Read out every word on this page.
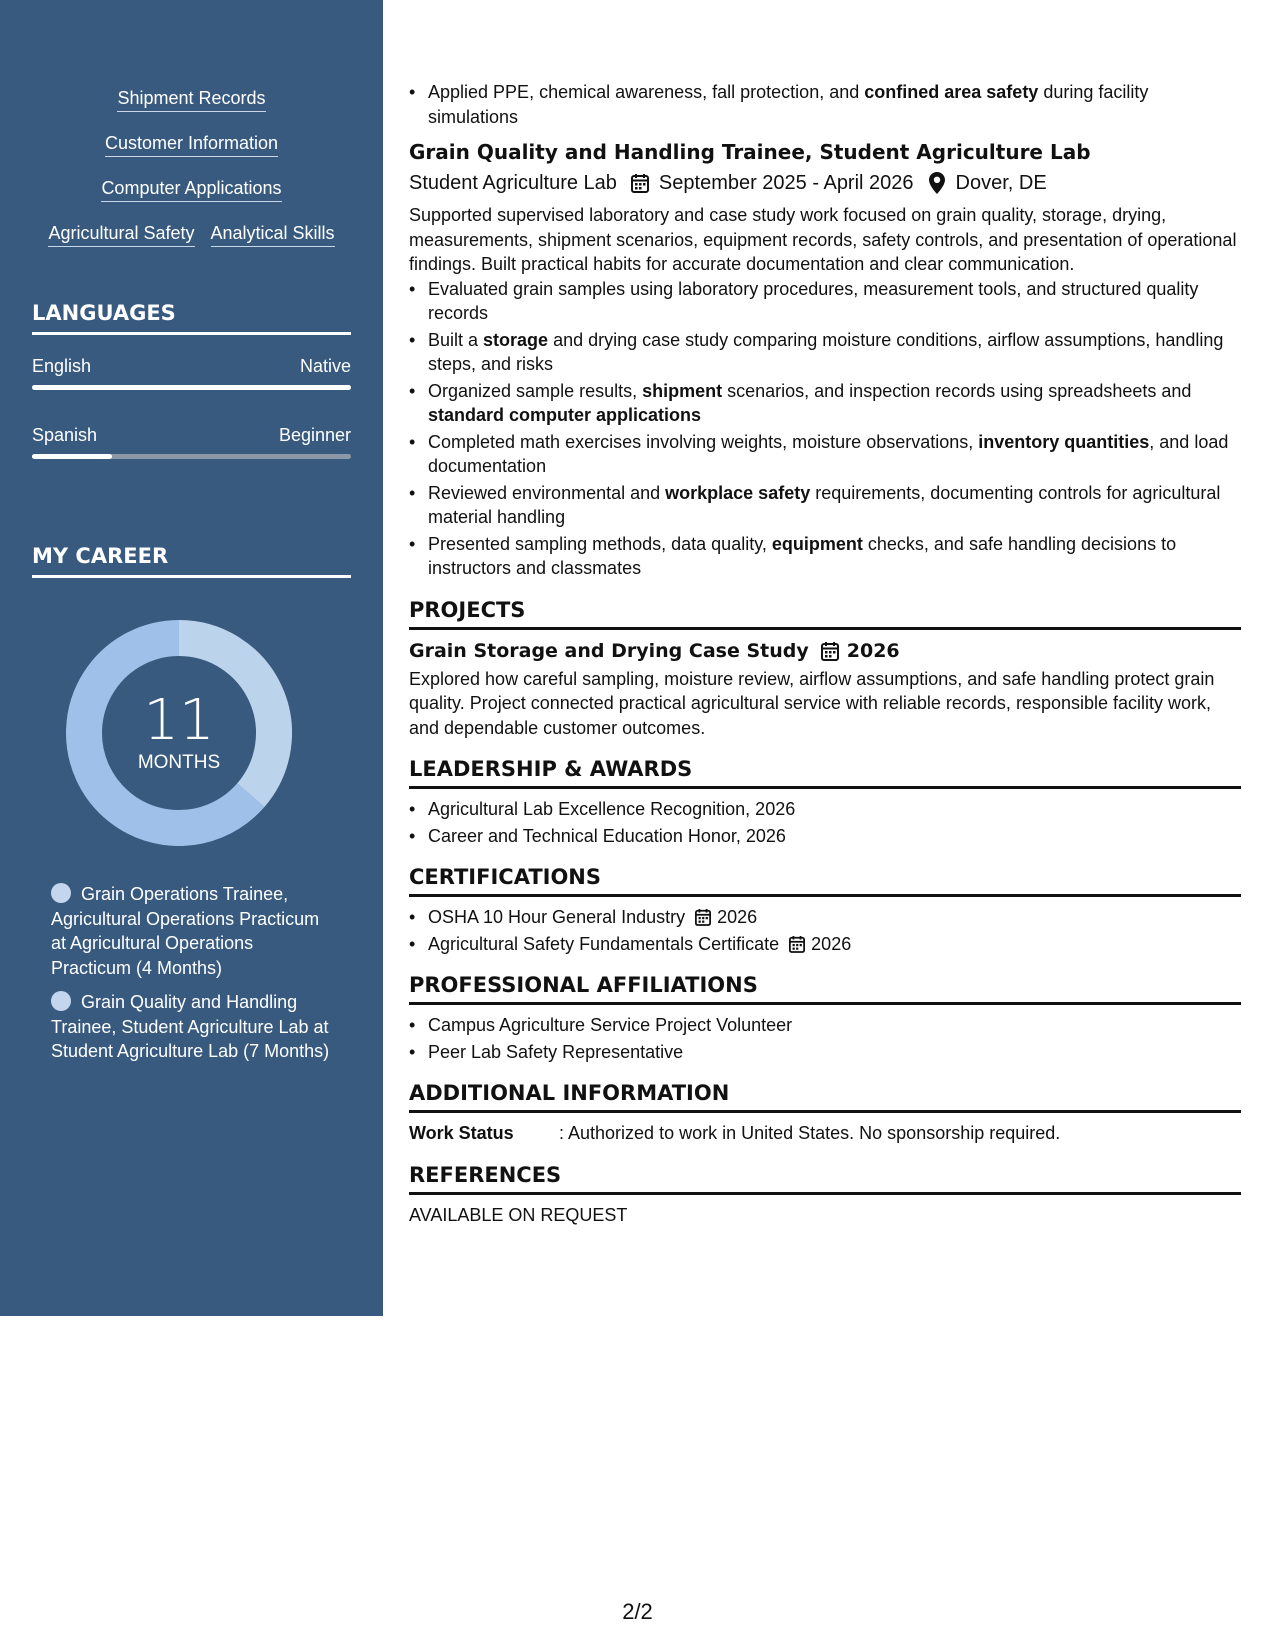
Shipment Records
Customer Information
Computer Applications
Agricultural Safety Analytical Skills
LANGUAGES
English	Native
Spanish	Beginner
MY CAREER
11
MONTHS
Grain Operations Trainee, Agricultural Operations Practicum at Agricultural Operations Practicum (4 Months)
Grain Quality and Handling Trainee, Student Agriculture Lab at Student Agriculture Lab (7 Months)
• Applied PPE, chemical awareness, fall protection, and confined area safety during facility simulations
Grain Quality and Handling Trainee, Student Agriculture Lab
Student Agriculture Lab September 2025 - April 2026 Dover, DE
Supported supervised laboratory and case study work focused on grain quality, storage, drying, measurements, shipment scenarios, equipment records, safety controls, and presentation of operational findings. Built practical habits for accurate documentation and clear communication.
• Evaluated grain samples using laboratory procedures, measurement tools, and structured quality records
• Built a storage and drying case study comparing moisture conditions, airflow assumptions, handling steps, and risks
• Organized sample results, shipment scenarios, and inspection records using spreadsheets and standard computer applications
• Completed math exercises involving weights, moisture observations, inventory quantities, and load documentation
• Reviewed environmental and workplace safety requirements, documenting controls for agricultural material handling
• Presented sampling methods, data quality, equipment checks, and safe handling decisions to instructors and classmates
PROJECTS
Grain Storage and Drying Case Study 2026
Explored how careful sampling, moisture review, airflow assumptions, and safe handling protect grain quality. Project connected practical agricultural service with reliable records, responsible facility work, and dependable customer outcomes.
LEADERSHIP & AWARDS
• Agricultural Lab Excellence Recognition, 2026
• Career and Technical Education Honor, 2026
CERTIFICATIONS
• OSHA 10 Hour General Industry 2026
• Agricultural Safety Fundamentals Certificate 2026
PROFESSIONAL AFFILIATIONS
• Campus Agriculture Service Project Volunteer
• Peer Lab Safety Representative
ADDITIONAL INFORMATION
Work Status	: Authorized to work in United States. No sponsorship required.
REFERENCES
AVAILABLE ON REQUEST
2/2
